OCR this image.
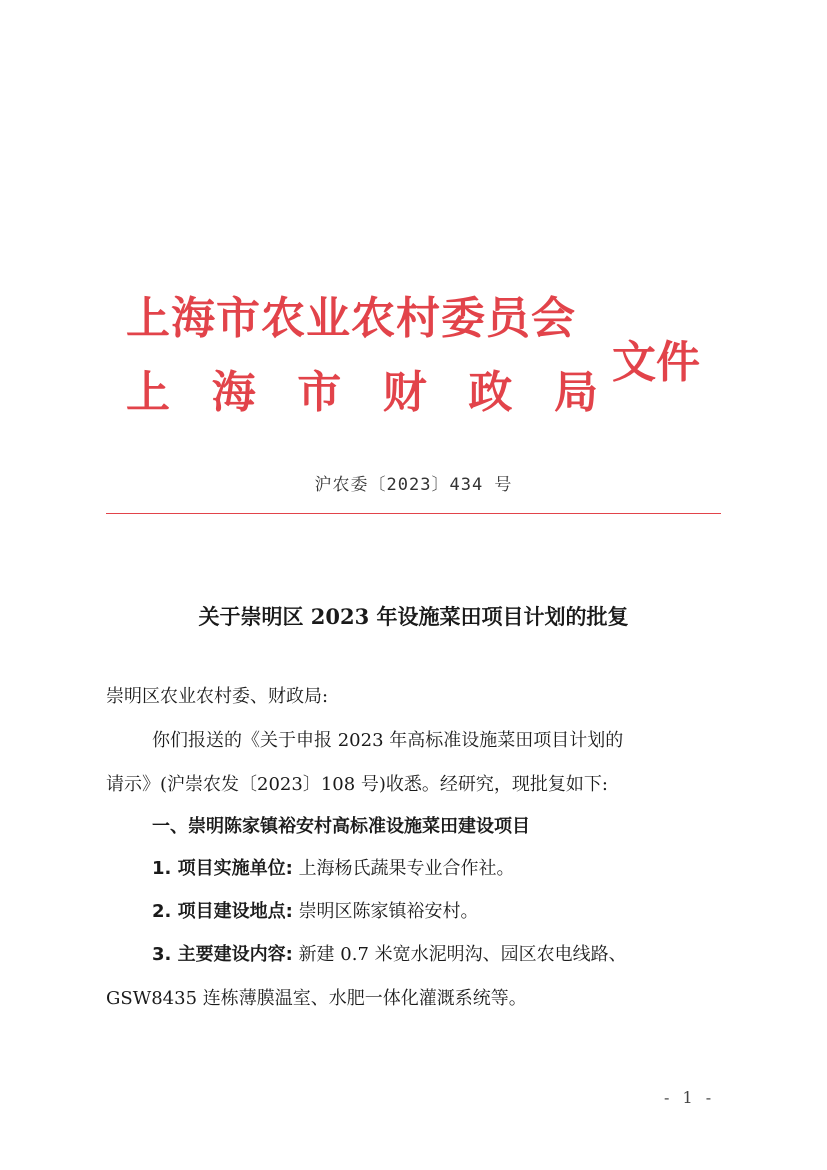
上海市农业农村委员会
上 海 市 财 政 局
文件
沪农委〔2023〕434 号
关于崇明区 2023 年设施菜田项目计划的批复
崇明区农业农村委、财政局:
你们报送的《关于申报 2023 年高标准设施菜田项目计划的
请示》(沪崇农发〔2023〕108 号)收悉。经研究，现批复如下:
一、崇明陈家镇裕安村高标准设施菜田建设项目
1. 项目实施单位: 上海杨氏蔬果专业合作社。
2. 项目建设地点: 崇明区陈家镇裕安村。
3. 主要建设内容: 新建 0.7 米宽水泥明沟、园区农电线路、
GSW8435 连栋薄膜温室、水肥一体化灌溉系统等。
- 1 -
